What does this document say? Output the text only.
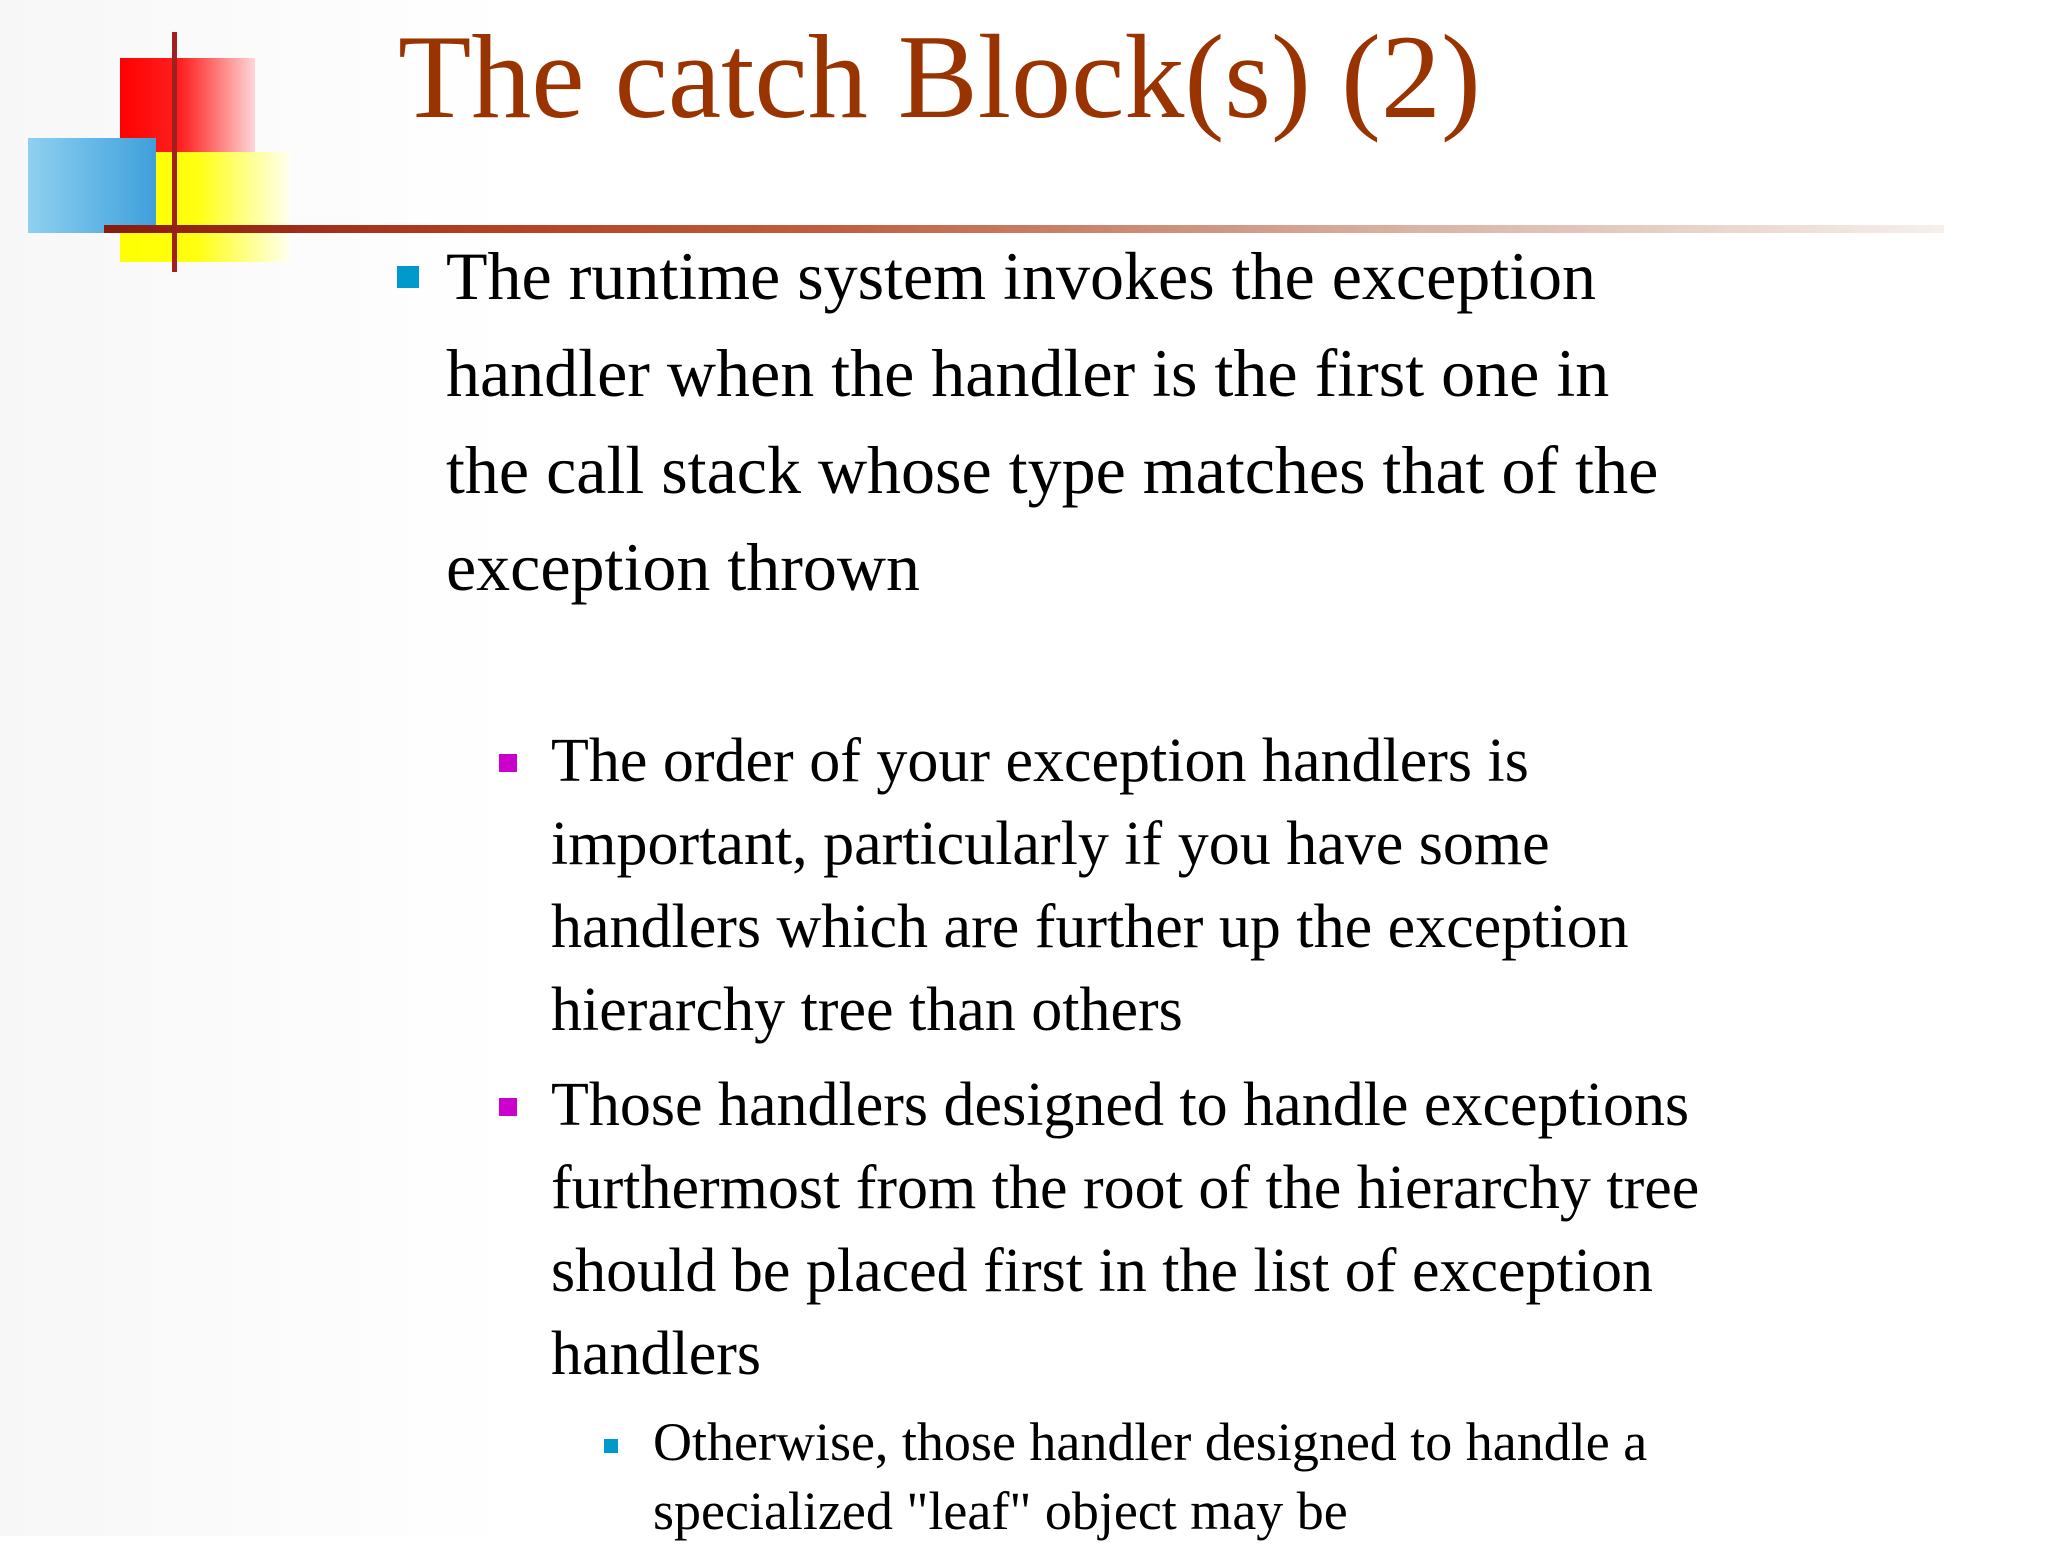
The catch Block(s) (2)
The runtime system invokes the exception handler when the handler is the first one in the call stack whose type matches that of the exception thrown
The order of your exception handlers is important, particularly if you have some handlers which are further up the exception hierarchy tree than others
Those handlers designed to handle exceptions furthermost from the root of the hierarchy tree should be placed first in the list of exception handlers
Otherwise, those handler designed to handle a specialized "leaf" object may be
